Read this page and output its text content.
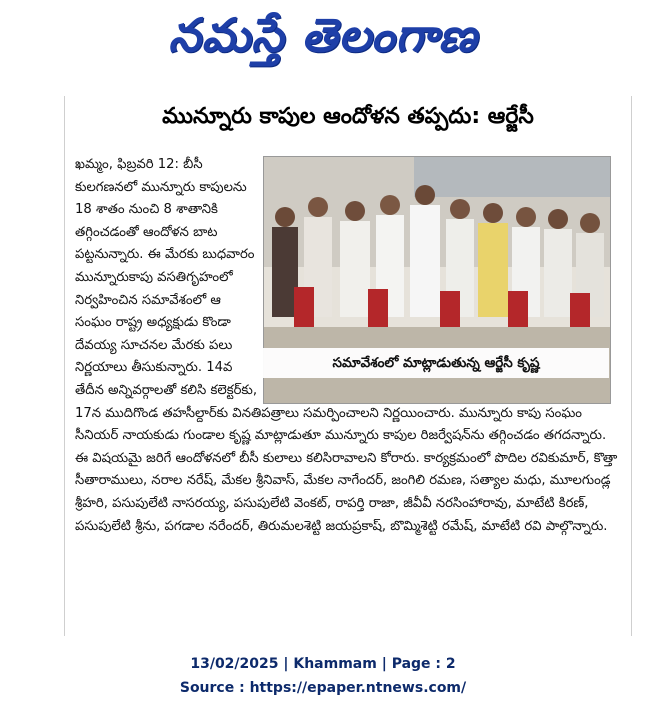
నమస్తే తెలంగాణ
మున్నూరు కాపుల ఆందోళన తప్పదు: ఆర్జేసీ
ఖమ్మం, ఫిబ్రవరి 12: బీసీ కులగణనలో మున్నూరు కాపులను 18 శాతం నుంచి 8 శాతానికి తగ్గించడంతో ఆందోళన బాట పట్టనున్నారు. ఈ మేరకు బుధవారం మున్నూరుకాపు వసతిగృహంలో నిర్వహించిన సమావేశంలో ఆ సంఘం రాష్ట్ర అధ్యక్షుడు కొండా దేవయ్య సూచనల మేరకు పలు నిర్ణయాలు తీసుకున్నారు. 14వ తేదీన అన్నివర్గాలతో కలిసి కలెక్టర్‌కు, 17న ముదిగొండ తహసీల్దార్‌కు వినతిపత్రాలు సమర్పించాలని నిర్ణయించారు. మున్నూరు కాపు సంఘం సీనియర్ నాయకుడు గుండాల కృష్ణ మాట్లాడుతూ మున్నూరు కాపుల రిజర్వేషన్‌ను తగ్గించడం తగదన్నారు. ఈ విషయమై జరిగే ఆందోళనలో బీసీ కులాలు కలిసిరావాలని కోరారు. కార్యక్రమంలో పొదిల రవికుమార్, కొత్తా సీతారాములు, నరాల నరేష్, మేకల శ్రీనివాస్, మేకల నాగేందర్, జంగిలి రమణ, సత్యాల మధు, మూలగుండ్ల శ్రీహరి, పసుపులేటి నాసరయ్య, పసుపులేటి వెంకట్, రాపర్తి రాజా, జీవీవీ నరసింహారావు, మాటేటి కిరణ్, పసుపులేటి శ్రీను, పగడాల నరేందర్, తిరుమలశెట్టి జయప్రకాష్, బొమ్మిశెట్టి రమేష్, మాటేటి రవి పాల్గొన్నారు.
సమావేశంలో మాట్లాడుతున్న ఆర్జేసీ కృష్ణ
13/02/2025 | Khammam | Page : 2
Source : https://epaper.ntnews.com/
